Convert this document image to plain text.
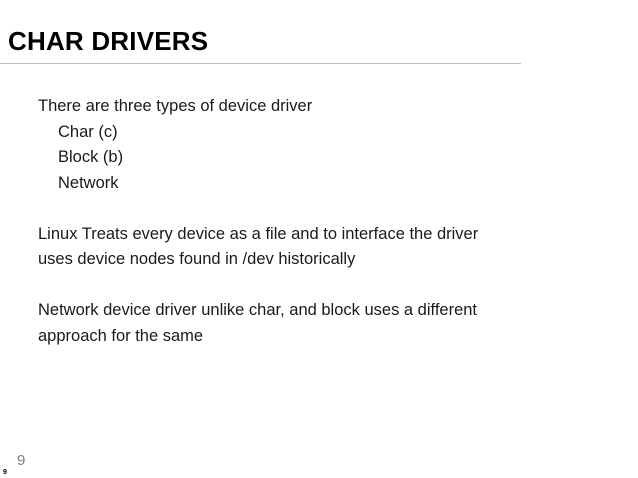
CHAR DRIVERS
There are three types of device driver
Char (c)
Block (b)
Network
Linux Treats every device as a file and to interface the driver
uses device nodes found in /dev historically
Network device driver unlike char, and block uses a different
approach for the same
9
9
